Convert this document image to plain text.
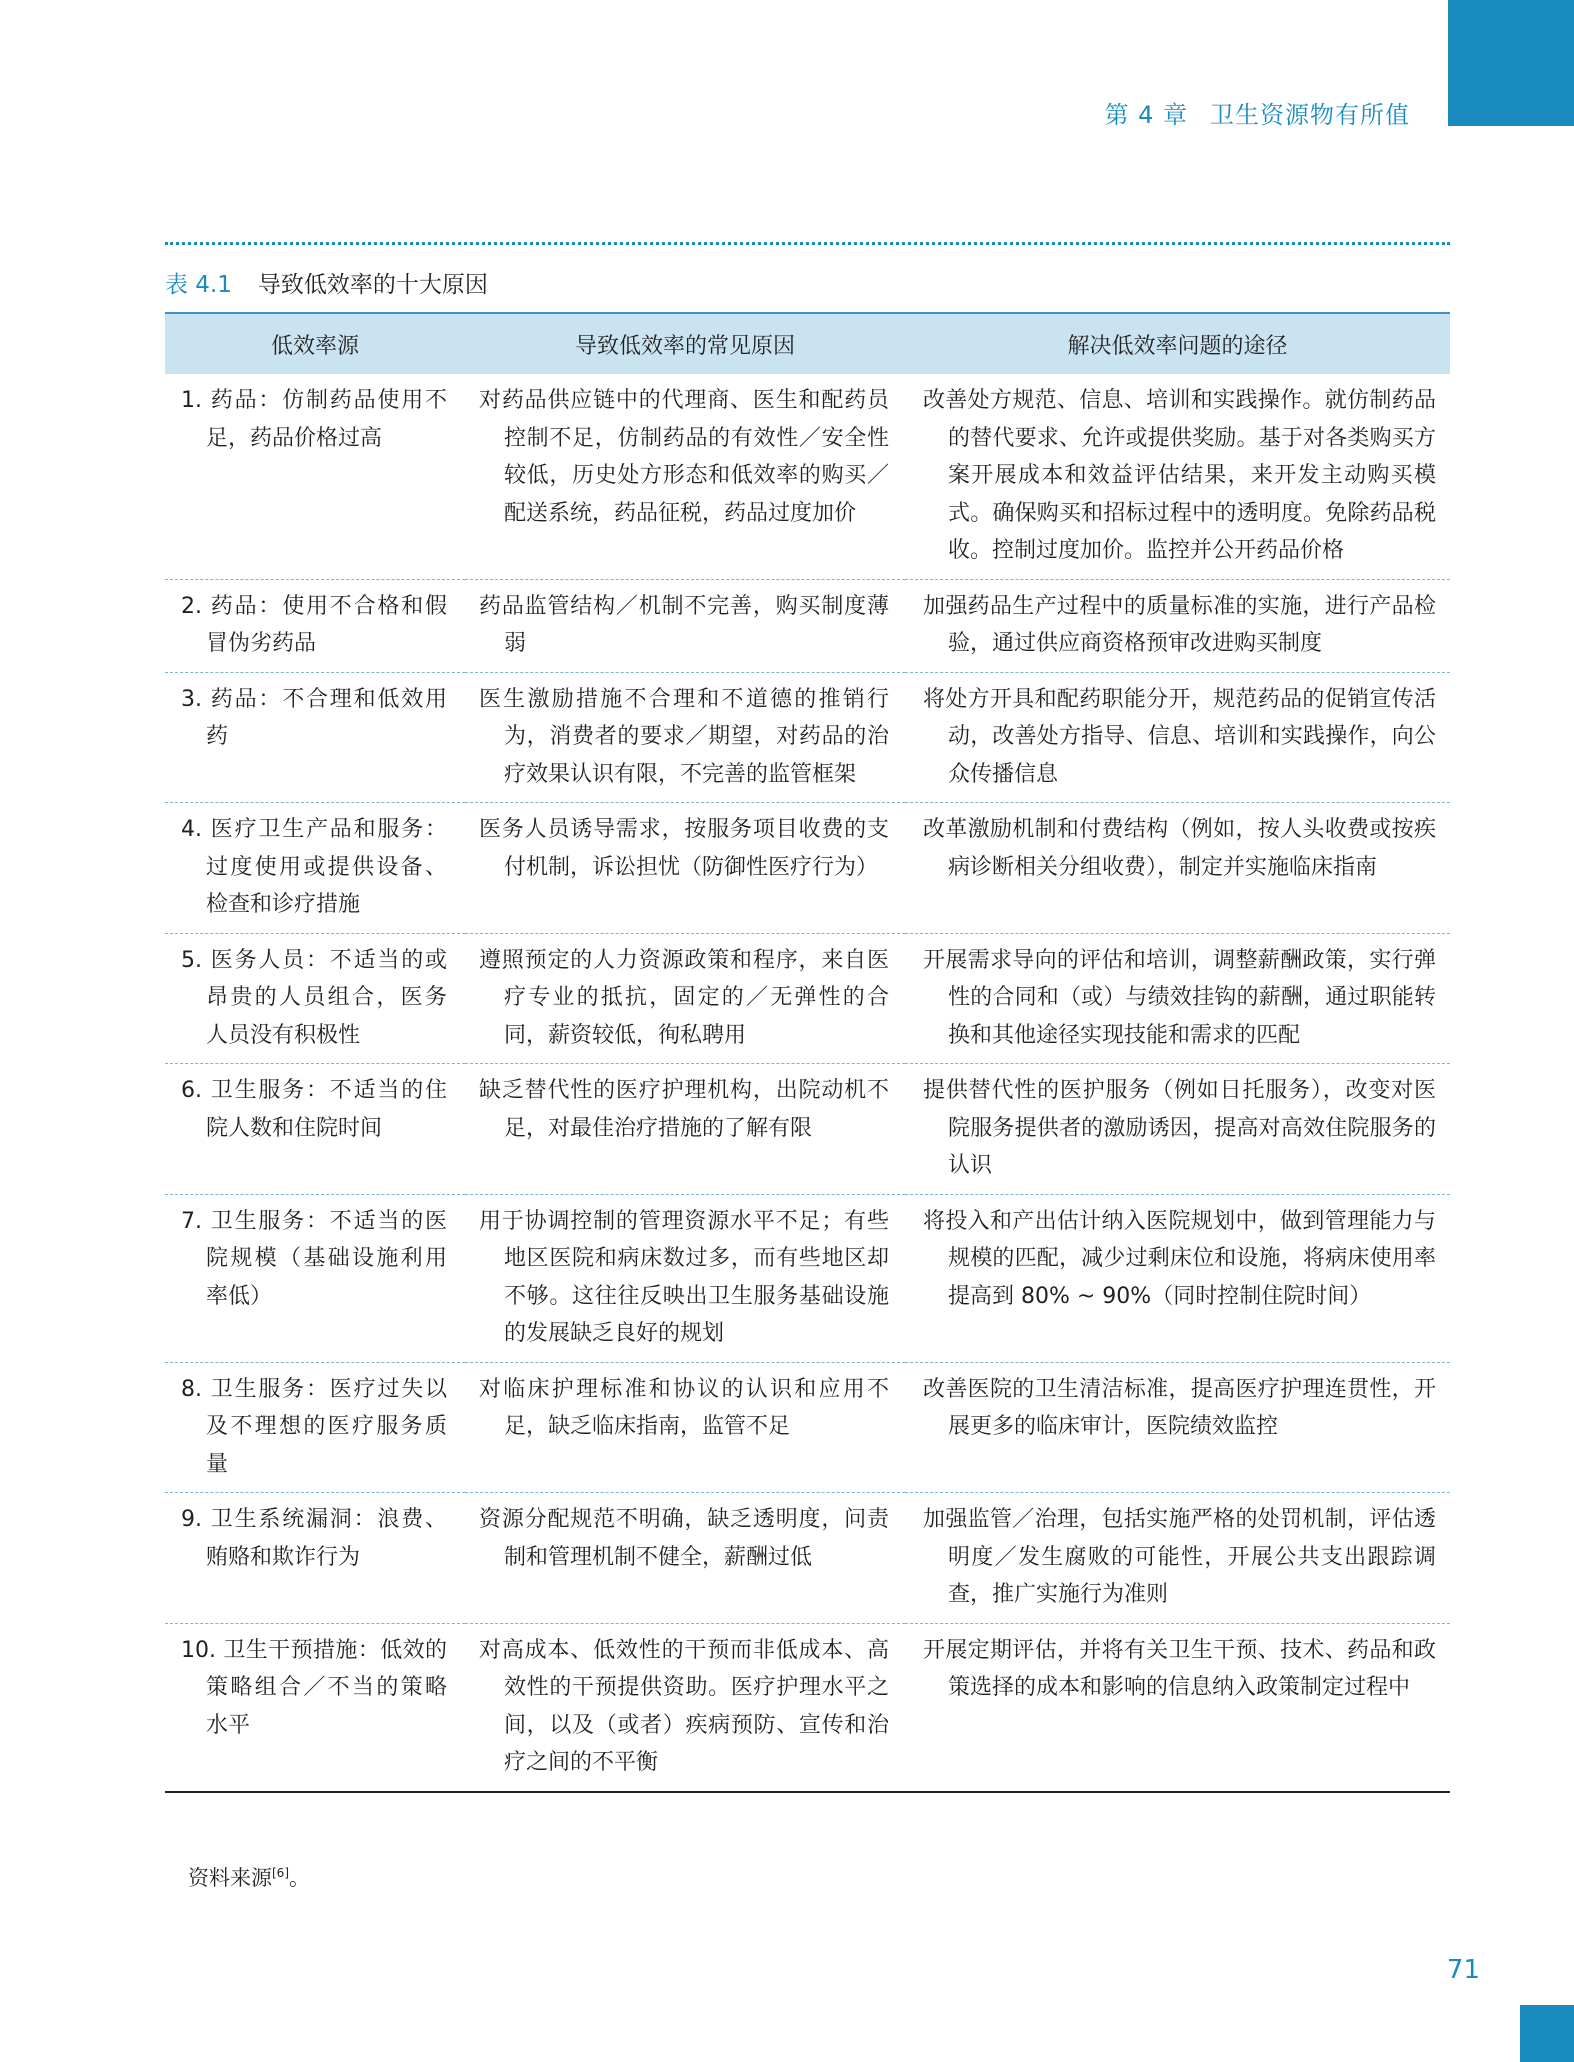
第 4 章 卫生资源物有所值
表 4.1 导致低效率的十大原因
低效率源	导致低效率的常见原因	解决低效率问题的途径

1. 药品：仿制药品使用不足，药品价格过高	对药品供应链中的代理商、医生和配药员控制不足，仿制药品的有效性／安全性较低，历史处方形态和低效率的购买／配送系统，药品征税，药品过度加价	改善处方规范、信息、培训和实践操作。就仿制药品的替代要求、允许或提供奖励。基于对各类购买方案开展成本和效益评估结果，来开发主动购买模式。确保购买和招标过程中的透明度。免除药品税收。控制过度加价。监控并公开药品价格

2. 药品：使用不合格和假冒伪劣药品	药品监管结构／机制不完善，购买制度薄弱	加强药品生产过程中的质量标准的实施，进行产品检验，通过供应商资格预审改进购买制度

3. 药品：不合理和低效用药	医生激励措施不合理和不道德的推销行为，消费者的要求／期望，对药品的治疗效果认识有限，不完善的监管框架	将处方开具和配药职能分开，规范药品的促销宣传活动，改善处方指导、信息、培训和实践操作，向公众传播信息

4. 医疗卫生产品和服务：过度使用或提供设备、检查和诊疗措施	医务人员诱导需求，按服务项目收费的支付机制，诉讼担忧（防御性医疗行为）	改革激励机制和付费结构（例如，按人头收费或按疾病诊断相关分组收费），制定并实施临床指南

5. 医务人员：不适当的或昂贵的人员组合，医务人员没有积极性	遵照预定的人力资源政策和程序，来自医疗专业的抵抗，固定的／无弹性的合同，薪资较低，徇私聘用	开展需求导向的评估和培训，调整薪酬政策，实行弹性的合同和（或）与绩效挂钩的薪酬，通过职能转换和其他途径实现技能和需求的匹配

6. 卫生服务：不适当的住院人数和住院时间	缺乏替代性的医疗护理机构，出院动机不足，对最佳治疗措施的了解有限	提供替代性的医护服务（例如日托服务），改变对医院服务提供者的激励诱因，提高对高效住院服务的认识

7. 卫生服务：不适当的医院规模（基础设施利用率低）	用于协调控制的管理资源水平不足；有些地区医院和病床数过多，而有些地区却不够。这往往反映出卫生服务基础设施的发展缺乏良好的规划	将投入和产出估计纳入医院规划中，做到管理能力与规模的匹配，减少过剩床位和设施，将病床使用率提高到 80% ~ 90%（同时控制住院时间）

8. 卫生服务：医疗过失以及不理想的医疗服务质量	对临床护理标准和协议的认识和应用不足，缺乏临床指南，监管不足	改善医院的卫生清洁标准，提高医疗护理连贯性，开展更多的临床审计，医院绩效监控

9. 卫生系统漏洞：浪费、贿赂和欺诈行为	资源分配规范不明确，缺乏透明度，问责制和管理机制不健全，薪酬过低	加强监管／治理，包括实施严格的处罚机制，评估透明度／发生腐败的可能性，开展公共支出跟踪调查，推广实施行为准则

10. 卫生干预措施：低效的策略组合／不当的策略水平	对高成本、低效性的干预而非低成本、高效性的干预提供资助。医疗护理水平之间，以及（或者）疾病预防、宣传和治疗之间的不平衡	开展定期评估，并将有关卫生干预、技术、药品和政策选择的成本和影响的信息纳入政策制定过程中
资料来源[6]。
71
